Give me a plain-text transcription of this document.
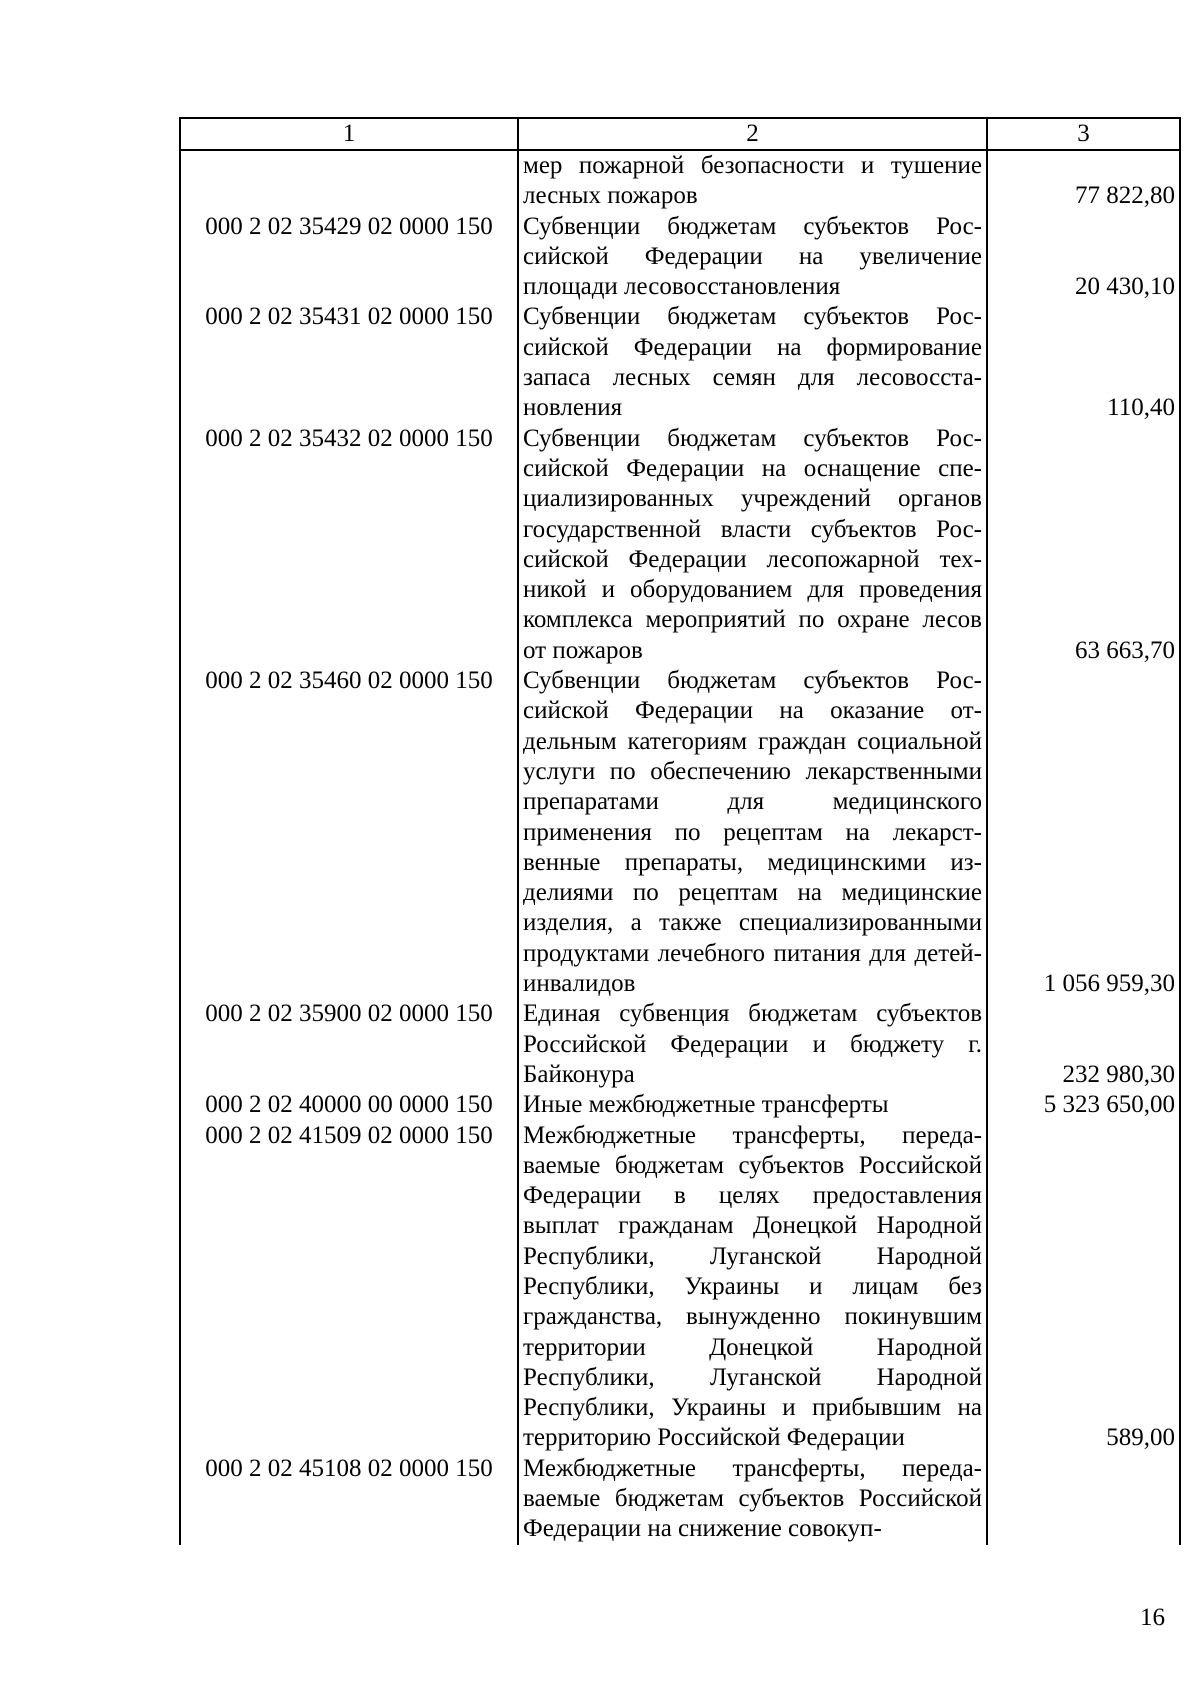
1	2	3
	мер пожарной безопасности и тушение лесных пожаров	77 822,80
000 2 02 35429 02 0000 150	Субвенции бюджетам субъектов Российской Федерации на увеличение площади лесовосстановления	20 430,10
000 2 02 35431 02 0000 150	Субвенции бюджетам субъектов Российской Федерации на формирование запаса лесных семян для лесовосстановления	110,40
000 2 02 35432 02 0000 150	Субвенции бюджетам субъектов Российской Федерации на оснащение специализированных учреждений органов государственной власти субъектов Российской Федерации лесопожарной техникой и оборудованием для проведения комплекса мероприятий по охране лесов от пожаров	63 663,70
000 2 02 35460 02 0000 150	Субвенции бюджетам субъектов Российской Федерации на оказание отдельным категориям граждан социальной услуги по обеспечению лекарственными препаратами для медицинского применения по рецептам на лекарственные препараты, медицинскими изделиями по рецептам на медицинские изделия, а также специализированными продуктами лечебного питания для детей-инвалидов	1 056 959,30
000 2 02 35900 02 0000 150	Единая субвенция бюджетам субъектов Российской Федерации и бюджету г. Байконура	232 980,30
000 2 02 40000 00 0000 150	Иные межбюджетные трансферты	5 323 650,00
000 2 02 41509 02 0000 150	Межбюджетные трансферты, передаваемые бюджетам субъектов Российской Федерации в целях предоставления выплат гражданам Донецкой Народной Республики, Луганской Народной Республики, Украины и лицам без гражданства, вынужденно покинувшим территории Донецкой Народной Республики, Луганской Народной Республики, Украины и прибывшим на территорию Российской Федерации	589,00
000 2 02 45108 02 0000 150	Межбюджетные трансферты, передаваемые бюджетам субъектов Российской Федерации на снижение совокуп-	
16
